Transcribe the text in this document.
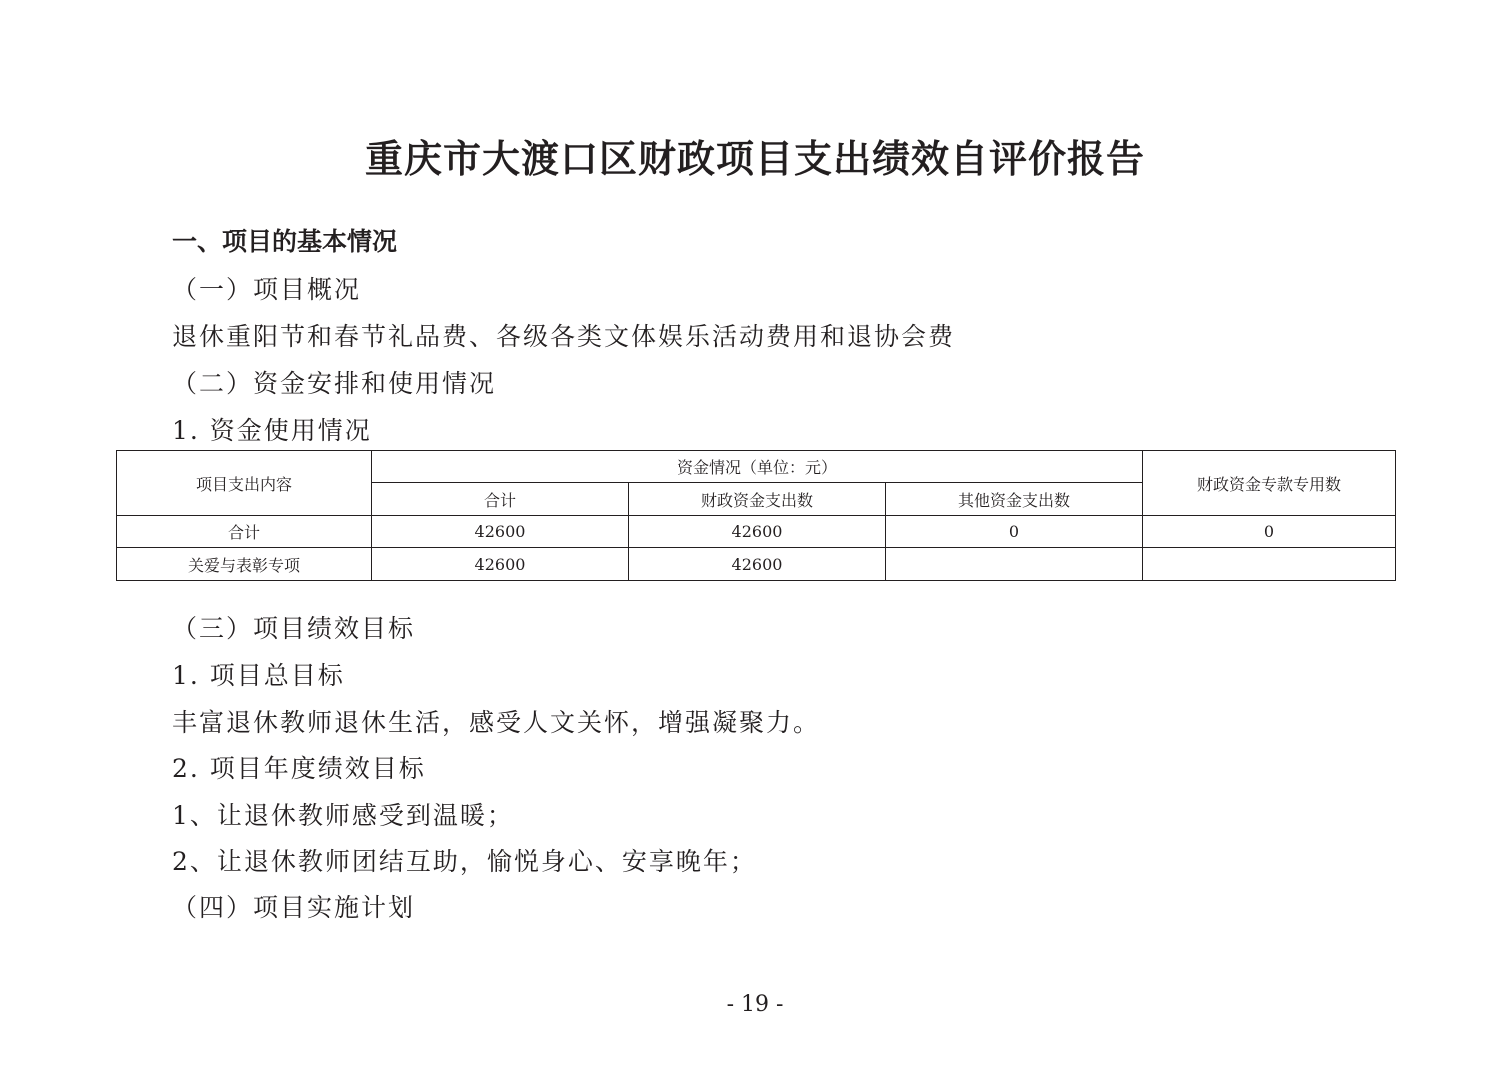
重庆市大渡口区财政项目支出绩效自评价报告
一、项目的基本情况
（一）项目概况
退休重阳节和春节礼品费、各级各类文体娱乐活动费用和退协会费
（二）资金安排和使用情况
1. 资金使用情况
项目支出内容	资金情况（单位：元）			财政资金专款专用数
	合计	财政资金支出数	其他资金支出数	
合计	42600	42600	0	0
关爱与表彰专项	42600	42600		
（三）项目绩效目标
1. 项目总目标
丰富退休教师退休生活，感受人文关怀，增强凝聚力。
2. 项目年度绩效目标
1、让退休教师感受到温暖；
2、让退休教师团结互助，愉悦身心、安享晚年；
（四）项目实施计划
- 19 -
